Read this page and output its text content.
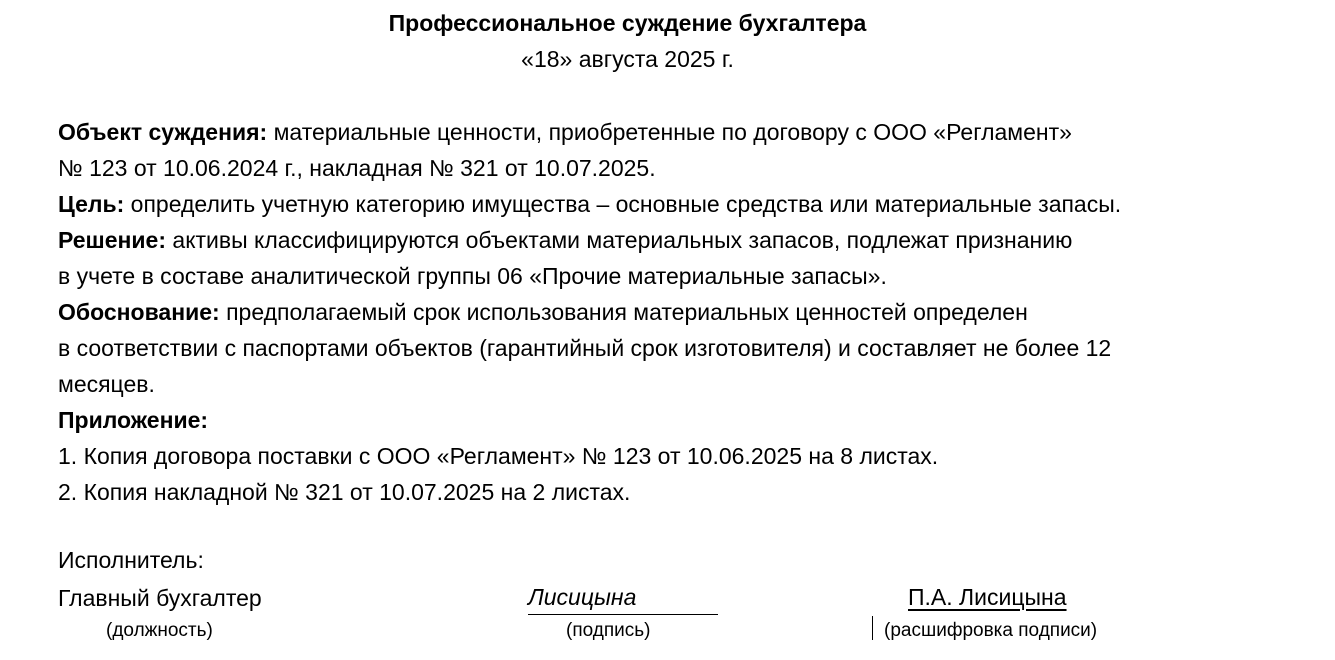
Профессиональное суждение бухгалтера
«18» августа 2025 г.
Объект суждения: материальные ценности, приобретенные по договору с ООО «Регламент»
№ 123 от 10.06.2024 г., накладная № 321 от 10.07.2025.
Цель: определить учетную категорию имущества – основные средства или материальные запасы.
Решение: активы классифицируются объектами материальных запасов, подлежат признанию
в учете в составе аналитической группы 06 «Прочие материальные запасы».
Обоснование: предполагаемый срок использования материальных ценностей определен
в соответствии с паспортами объектов (гарантийный срок изготовителя) и составляет не более 12
месяцев.
Приложение:
1. Копия договора поставки с ООО «Регламент» № 123 от 10.06.2025 на 8 листах.
2. Копия накладной № 321 от 10.07.2025 на 2 листах.
Исполнитель:
Главный бухгалтер	Лисицына	П.А. Лисицына
(должность)	(подпись)	(расшифровка подписи)
